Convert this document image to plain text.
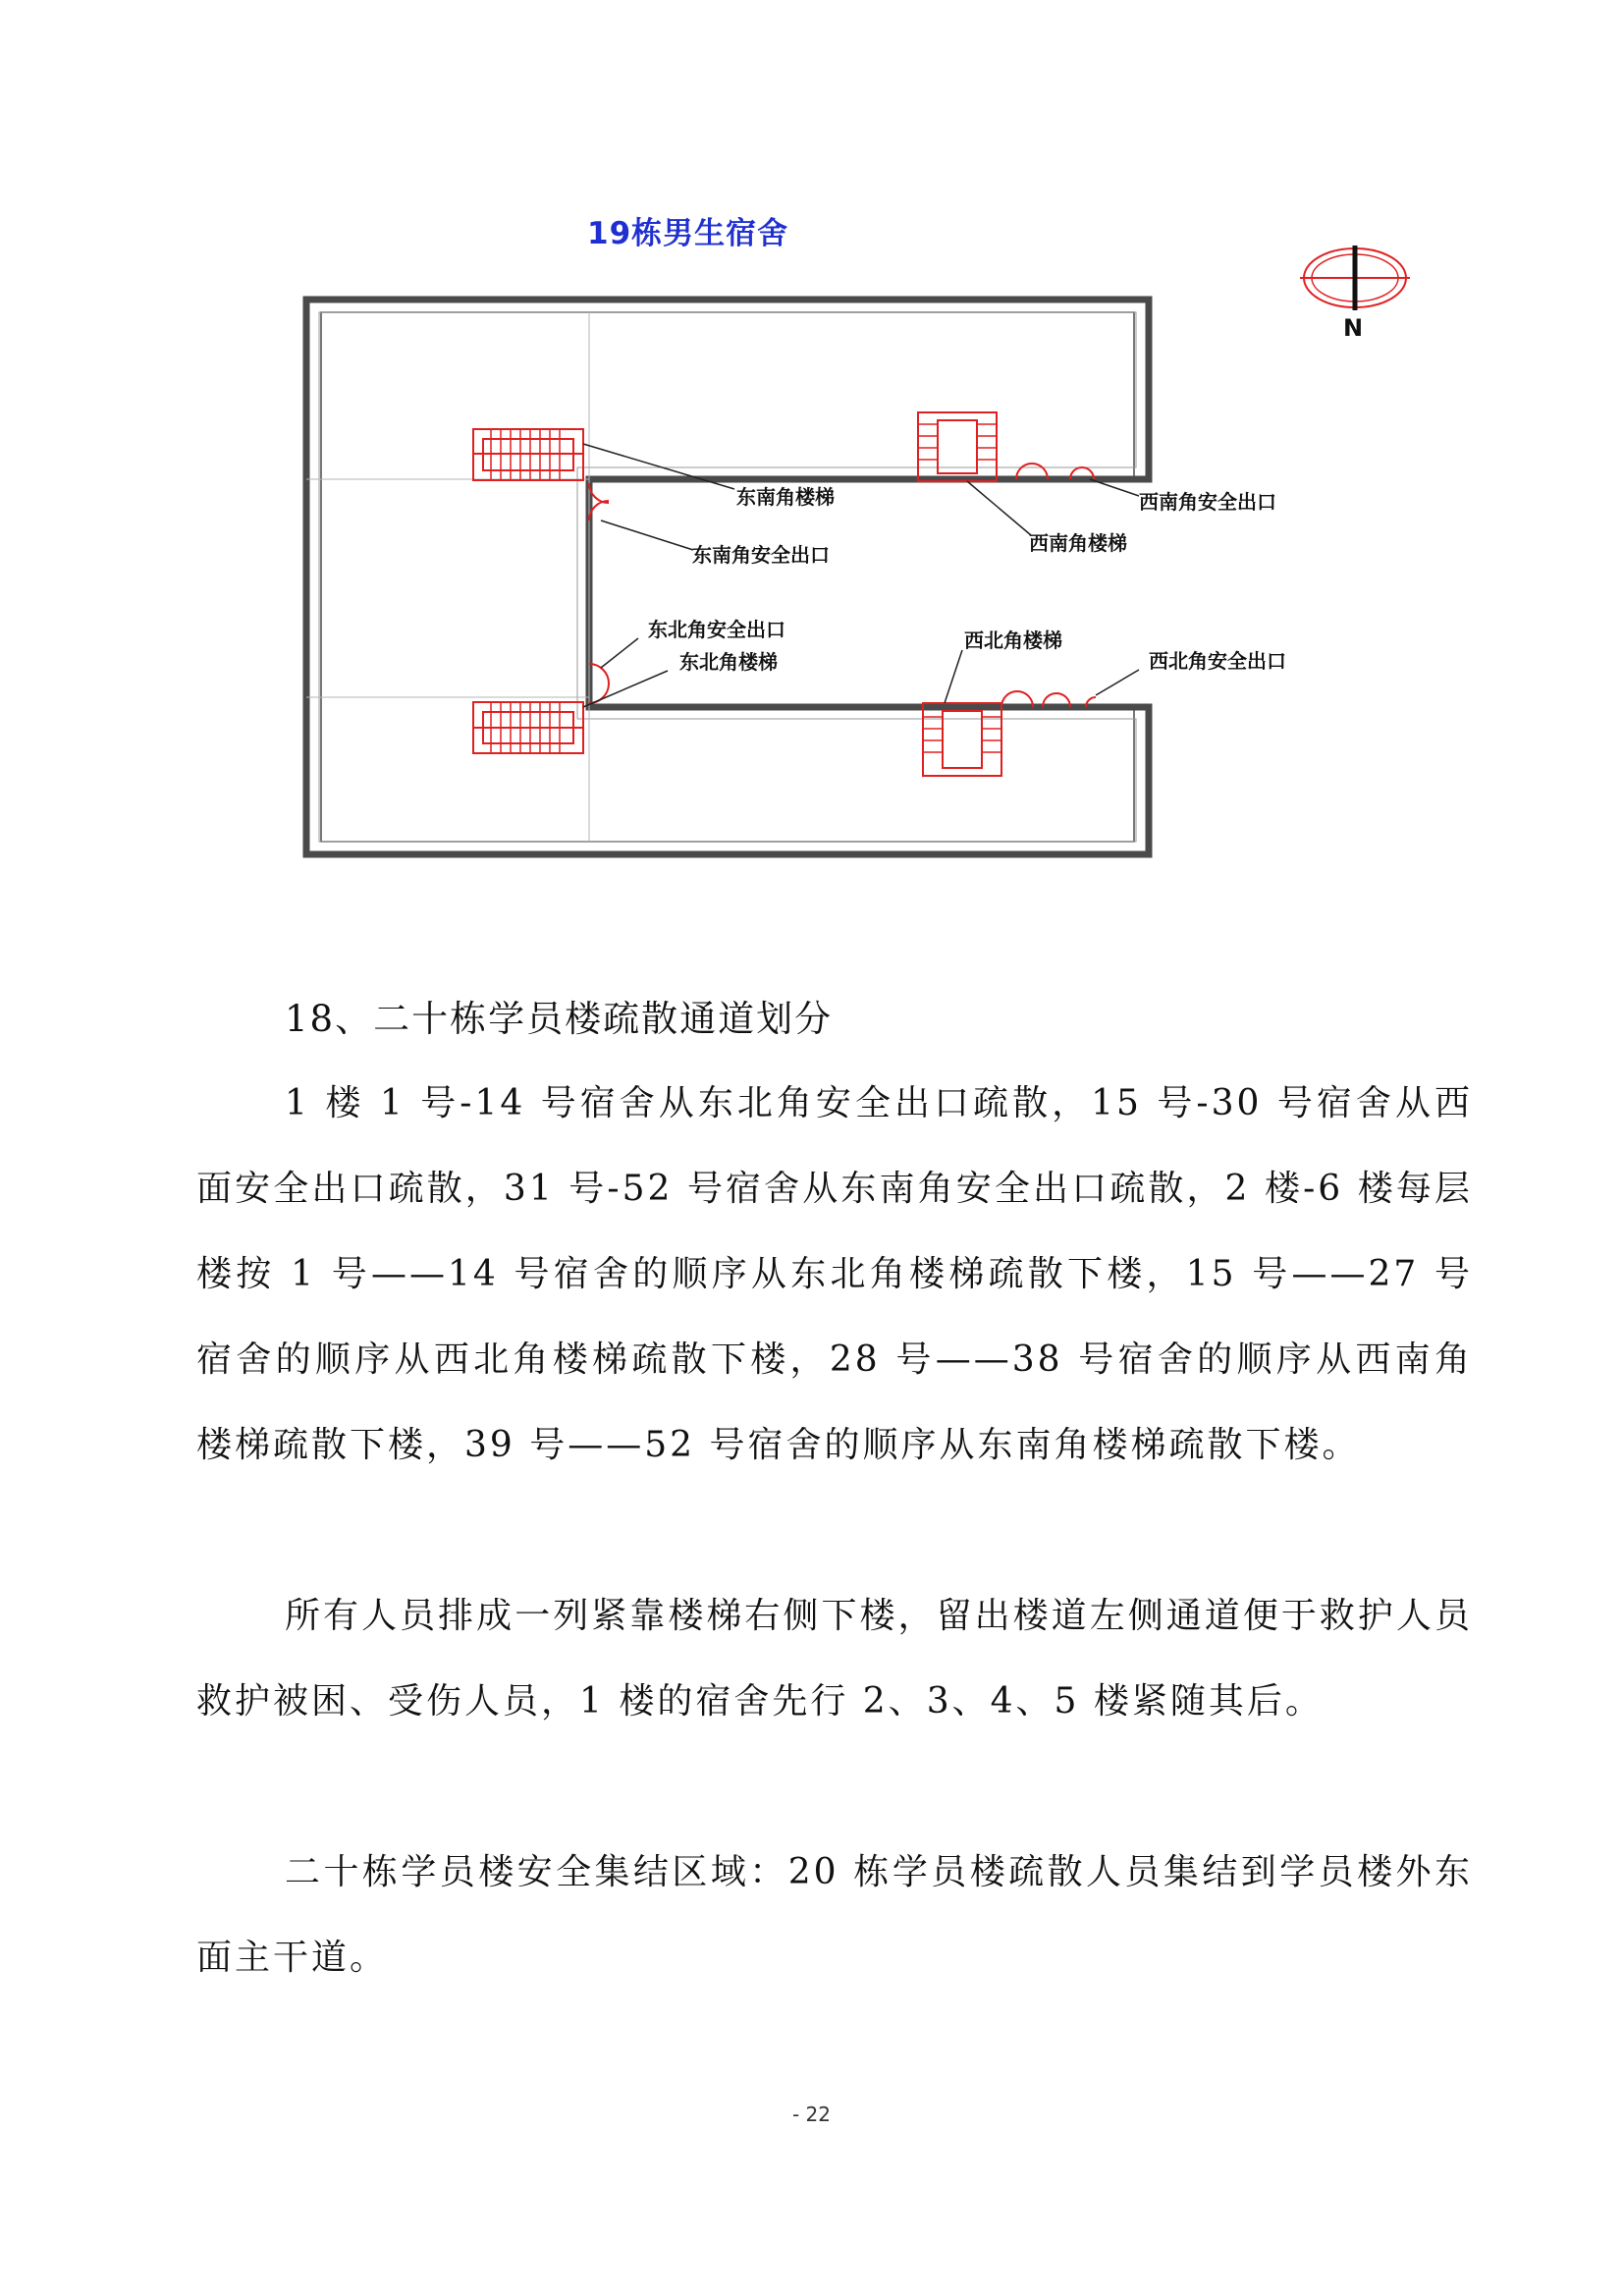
19栋男生宿舍
N
东南角楼梯
东南角安全出口	西南角楼梯
西南角安全出口
东北角安全出口
东北角楼梯
西北角楼梯
西北角安全出口
18、二十栋学员楼疏散通道划分

1 楼 1 号-14 号宿舍从东北角安全出口疏散，15 号-30 号宿舍从西面安全出口疏散，31 号-52 号宿舍从东南角安全出口疏散，2 楼-6 楼每层楼按 1 号——14 号宿舍的顺序从东北角楼梯疏散下楼，15 号——27 号宿舍的顺序从西北角楼梯疏散下楼，28 号——38 号宿舍的顺序从西南角楼梯疏散下楼，39 号——52 号宿舍的顺序从东南角楼梯疏散下楼。

所有人员排成一列紧靠楼梯右侧下楼，留出楼道左侧通道便于救护人员救护被困、受伤人员，1 楼的宿舍先行 2、3、4、5 楼紧随其后。

二十栋学员楼安全集结区域：20 栋学员楼疏散人员集结到学员楼外东面主干道。

- 22
